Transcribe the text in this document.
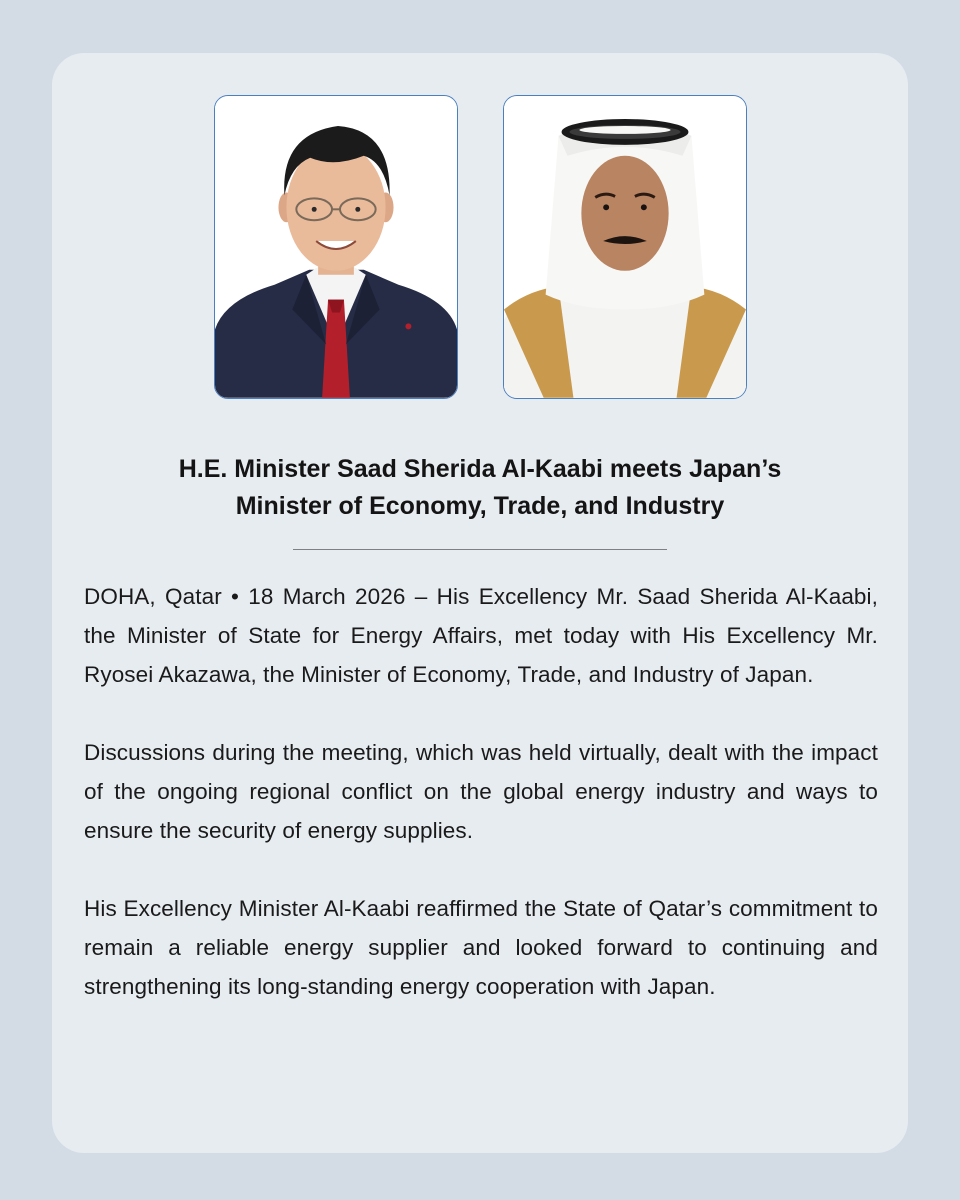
H.E. Minister Saad Sherida Al-Kaabi meets Japan’s
Minister of Economy, Trade, and Industry

DOHA, Qatar • 18 March 2026 – His Excellency Mr. Saad Sherida Al-Kaabi, the Minister of State for Energy Affairs, met today with His Excellency Mr. Ryosei Akazawa, the Minister of Economy, Trade, and Industry of Japan.

Discussions during the meeting, which was held virtually, dealt with the impact of the ongoing regional conflict on the global energy industry and ways to ensure the security of energy supplies.

His Excellency Minister Al-Kaabi reaffirmed the State of Qatar’s commitment to remain a reliable energy supplier and looked forward to continuing and strengthening its long-standing energy cooperation with Japan.
